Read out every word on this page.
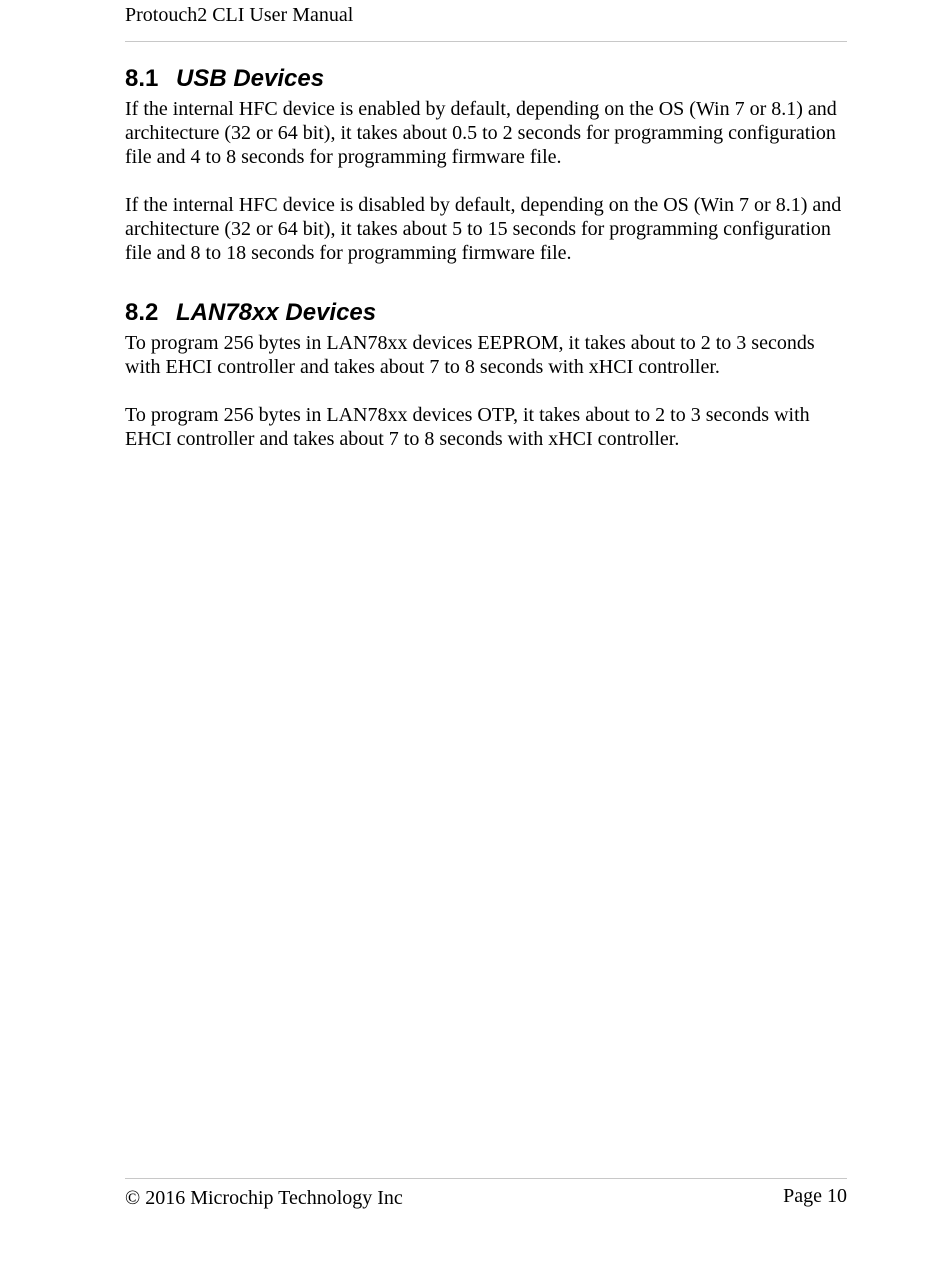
Protouch2 CLI User Manual
8.1 USB Devices

If the internal HFC device is enabled by default, depending on the OS (Win 7 or 8.1) and architecture (32 or 64 bit), it takes about 0.5 to 2 seconds for programming configuration file and 4 to 8 seconds for programming firmware file.

If the internal HFC device is disabled by default, depending on the OS (Win 7 or 8.1) and architecture (32 or 64 bit), it takes about 5 to 15 seconds for programming configuration file and 8 to 18 seconds for programming firmware file.

8.2 LAN78xx Devices

To program 256 bytes in LAN78xx devices EEPROM, it takes about to 2 to 3 seconds with EHCI controller and takes about 7 to 8 seconds with xHCI controller.

To program 256 bytes in LAN78xx devices OTP, it takes about to 2 to 3 seconds with EHCI controller and takes about 7 to 8 seconds with xHCI controller.

© 2016 Microchip Technology Inc	Page 10
